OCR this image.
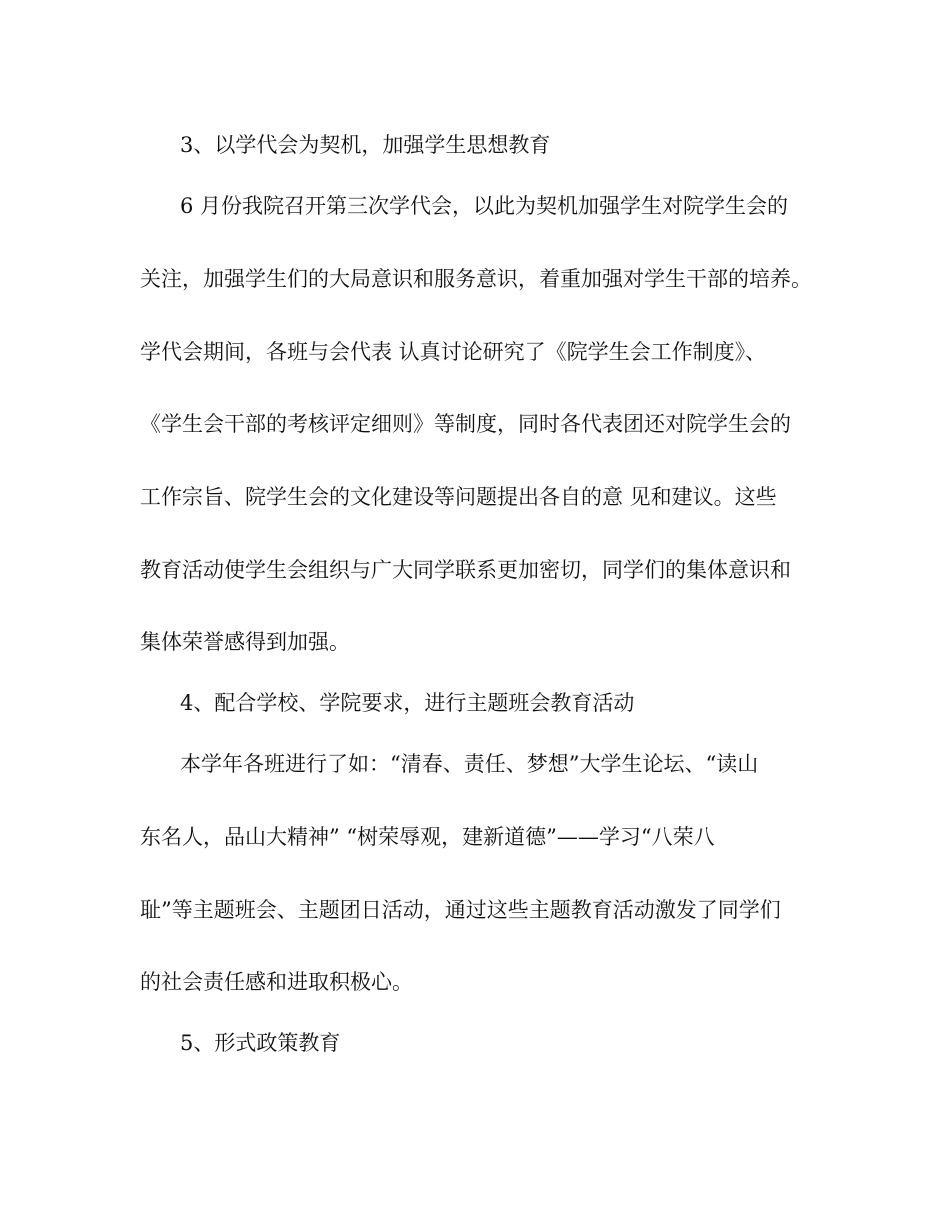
3、以学代会为契机，加强学生思想教育

6 月份我院召开第三次学代会，以此为契机加强学生对院学生会的

关注，加强学生们的大局意识和服务意识，着重加强对学生干部的培养。

学代会期间，各班与会代表 认真讨论研究了《院学生会工作制度》、

《学生会干部的考核评定细则》等制度，同时各代表团还对院学生会的

工作宗旨、院学生会的文化建设等问题提出各自的意 见和建议。这些

教育活动使学生会组织与广大同学联系更加密切，同学们的集体意识和

集体荣誉感得到加强。

4、配合学校、学院要求，进行主题班会教育活动

本学年各班进行了如：“清春、责任、梦想”大学生论坛、“读山

东名人，品山大精神” “树荣辱观，建新道德”——学习“八荣八

耻”等主题班会、主题团日活动，通过这些主题教育活动激发了同学们

的社会责任感和进取积极心。

5、形式政策教育
